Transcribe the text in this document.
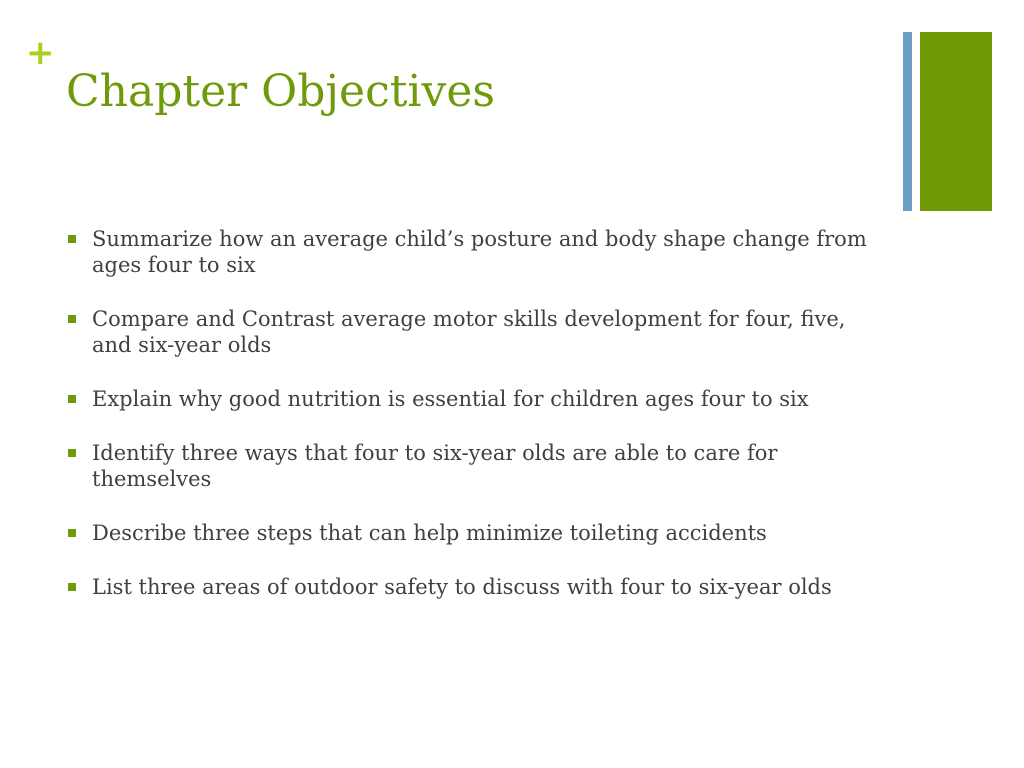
+
Chapter Objectives
Summarize how an average child’s posture and body shape change from ages four to six
Compare and Contrast average motor skills development for four, five, and six-year olds
Explain why good nutrition is essential for children ages four to six
Identify three ways that four to six-year olds are able to care for themselves
Describe three steps that can help minimize toileting accidents
List three areas of outdoor safety to discuss with four to six-year olds
